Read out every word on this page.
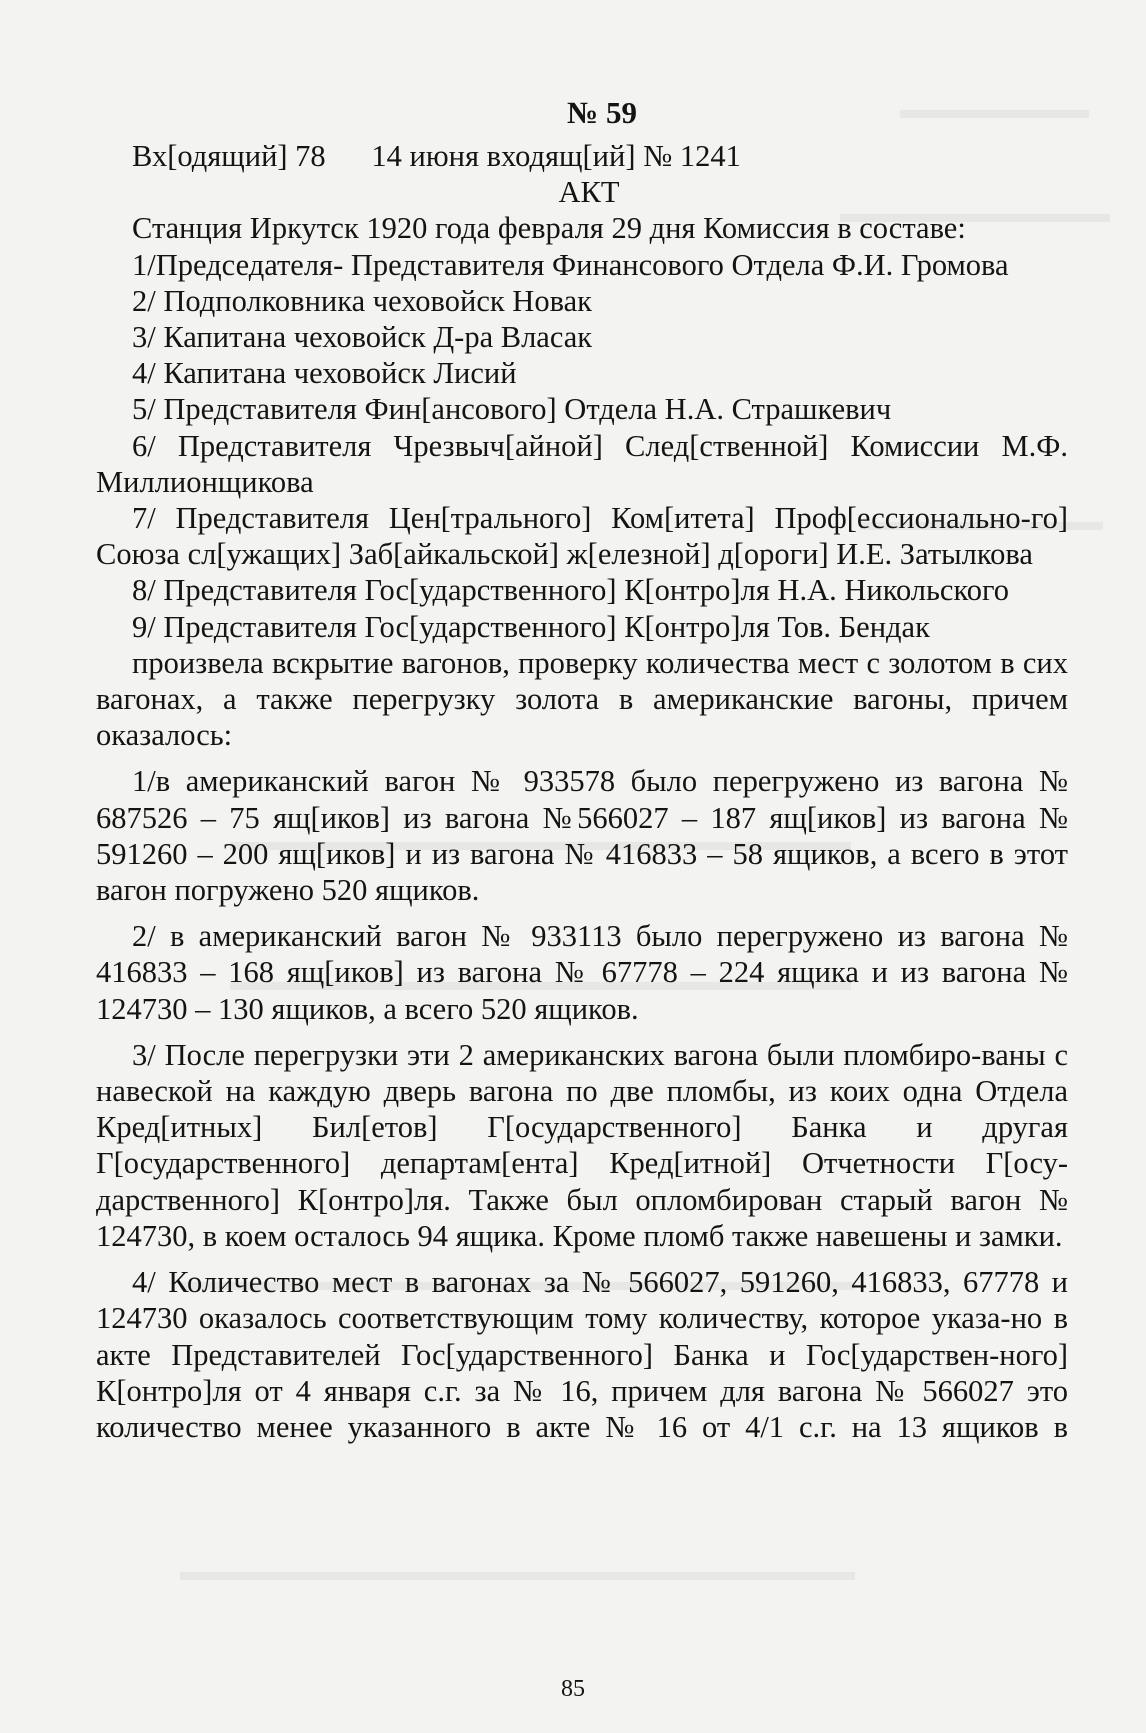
№ 59
Вх[одящий] 78      14 июня входящ[ий] № 1241
АКТ

Станция Иркутск 1920 года февраля 29 дня Комиссия в составе:

1/Председателя- Представителя Финансового Отдела Ф.И. Громова

2/ Подполковника чеховойск Новак

3/ Капитана чеховойск Д-ра Власак

4/ Капитана чеховойск Лисий

5/ Представителя Фин[ансового] Отдела Н.А. Страшкевич

6/ Представителя Чрезвыч[айной] След[ственной] Комиссии М.Ф. Миллионщикова

7/ Представителя Цен[трального] Ком[итета] Проф[ессионально-го] Союза сл[ужащих] Заб[айкальской] ж[елезной] д[ороги] И.Е. Затылкова

8/ Представителя Гос[ударственного] К[онтро]ля Н.А. Никольского

9/ Представителя Гос[ударственного] К[онтро]ля Тов. Бендак

произвела вскрытие вагонов, проверку количества мест с золотом в сих вагонах, а также перегрузку золота в американские вагоны, причем оказалось:

1/в американский вагон № 933578 было перегружено из вагона № 687526 – 75 ящ[иков] из вагона №566027 – 187 ящ[иков] из вагона № 591260 – 200 ящ[иков] и из вагона № 416833 – 58 ящиков, а всего в этот вагон погружено 520 ящиков.

2/ в американский вагон № 933113 было перегружено из вагона № 416833 – 168 ящ[иков] из вагона № 67778 – 224 ящика и из вагона № 124730 – 130 ящиков, а всего 520 ящиков.

3/ После перегрузки эти 2 американских вагона были пломбиро-ваны с навеской на каждую дверь вагона по две пломбы, из коих одна Отдела Кред[итных] Бил[етов] Г[осударственного] Банка и другая Г[осударственного] департам[ента] Кред[итной] Отчетности Г[осу-дарственного] К[онтро]ля. Также был опломбирован старый вагон № 124730, в коем осталось 94 ящика. Кроме пломб также навешены и замки.

4/ Количество мест в вагонах за № 566027, 591260, 416833, 67778 и 124730 оказалось соответствующим тому количеству, которое указа-но в акте Представителей Гос[ударственного] Банка и Гос[ударствен-ного] К[онтро]ля от 4 января с.г. за № 16, причем для вагона № 566027 это количество менее указанного в акте № 16 от 4/1 с.г. на 13 ящиков в

85
